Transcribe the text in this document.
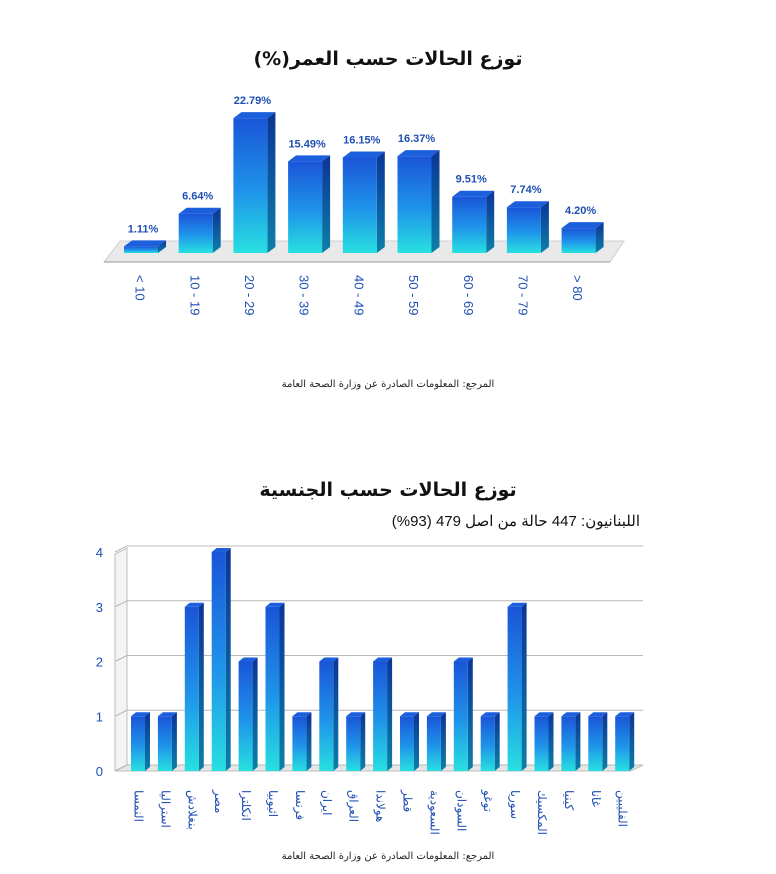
توزع الحالات حسب العمر(%)
1.11%
< 10
6.64%
10 - 19
22.79%
20 - 29
15.49%
30 - 39
16.15%
40 - 49
16.37%
50 - 59
9.51%
60 - 69
7.74%
70 - 79
4.20%
> 80
المرجع: المعلومات الصادرة عن وزارة الصحة العامة
توزع الحالات حسب الجنسية
اللبنانيون: 447 حالة من اصل 479 (93%)
0
1
2
3
4
النمسا استراليا بنغلادش مصر انكلترا اثيوبيا فرنسا ايران العراق هولاندا قطر السعودية السودان توغو سوريا المكسيك كينيا غانا الفليبين
المرجع: المعلومات الصادرة عن وزارة الصحة العامة
